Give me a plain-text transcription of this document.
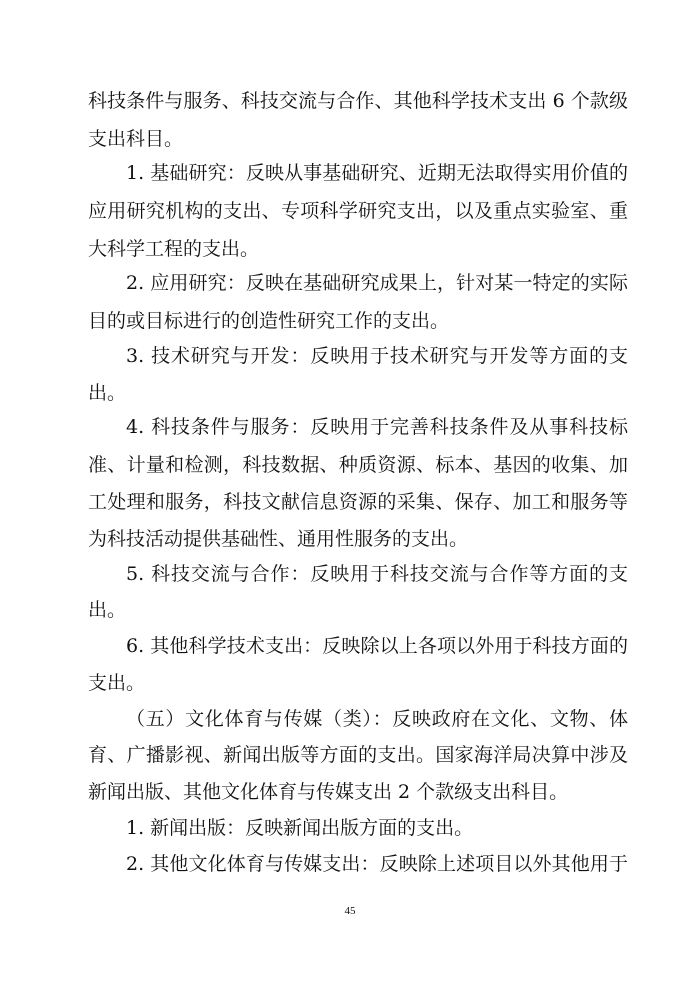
科技条件与服务、科技交流与合作、其他科学技术支出 6 个款级
支出科目。
1. 基础研究：反映从事基础研究、近期无法取得实用价值的
应用研究机构的支出、专项科学研究支出，以及重点实验室、重
大科学工程的支出。
2. 应用研究：反映在基础研究成果上，针对某一特定的实际
目的或目标进行的创造性研究工作的支出。
3. 技术研究与开发：反映用于技术研究与开发等方面的支
出。
4. 科技条件与服务：反映用于完善科技条件及从事科技标
准、计量和检测，科技数据、种质资源、标本、基因的收集、加
工处理和服务，科技文献信息资源的采集、保存、加工和服务等
为科技活动提供基础性、通用性服务的支出。
5. 科技交流与合作：反映用于科技交流与合作等方面的支
出。
6. 其他科学技术支出：反映除以上各项以外用于科技方面的
支出。
（五）文化体育与传媒（类）：反映政府在文化、文物、体
育、广播影视、新闻出版等方面的支出。国家海洋局决算中涉及
新闻出版、其他文化体育与传媒支出 2 个款级支出科目。
1. 新闻出版：反映新闻出版方面的支出。
2. 其他文化体育与传媒支出：反映除上述项目以外其他用于
45
